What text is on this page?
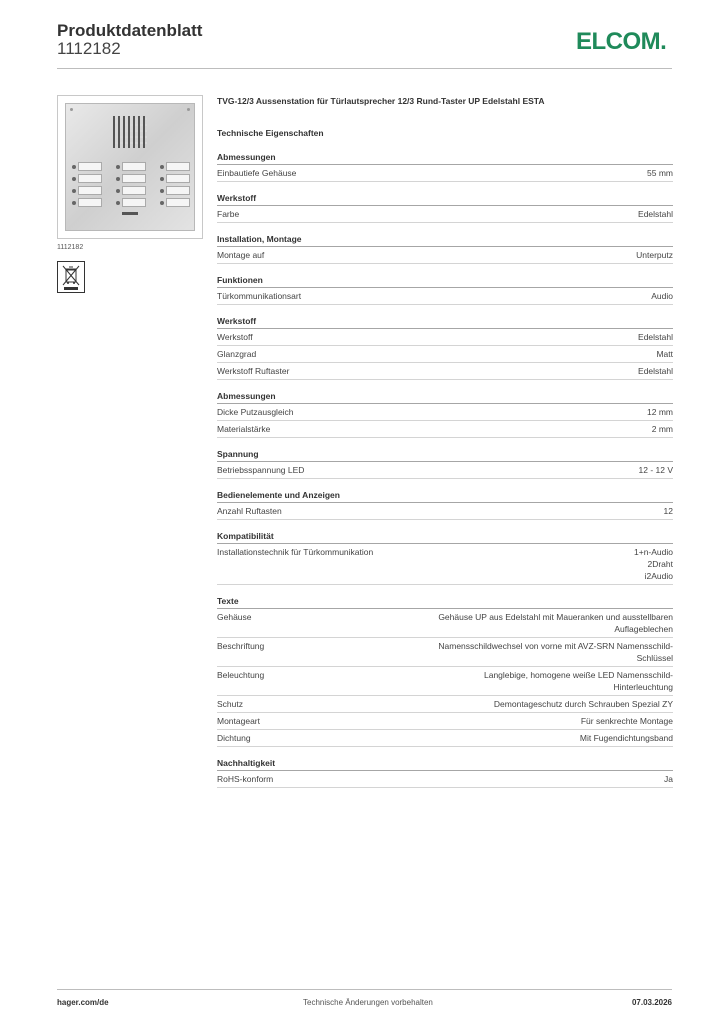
Produktdatenblatt
1112182	ELCOM.
1112182
TVG-12/3 Aussenstation für Türlautsprecher 12/3 Rund-Taster UP Edelstahl ESTA
Technische Eigenschaften
Abmessungen
Einbautiefe Gehäuse	55 mm
Werkstoff
Farbe	Edelstahl
Installation, Montage
Montage auf	Unterputz
Funktionen
Türkommunikationsart	Audio
Werkstoff
Werkstoff	Edelstahl
Glanzgrad	Matt
Werkstoff Ruftaster	Edelstahl
Abmessungen
Dicke Putzausgleich	12 mm
Materialstärke	2 mm
Spannung
Betriebsspannung LED	12 - 12 V
Bedienelemente und Anzeigen
Anzahl Ruftasten	12
Kompatibilität
Installationstechnik für Türkommunikation	1+n-Audio
2Draht
i2Audio
Texte
Gehäuse	Gehäuse UP aus Edelstahl mit Maueranken und ausstellbaren
Auflageblechen
Beschriftung	Namensschildwechsel von vorne mit AVZ-SRN Namensschild-
Schlüssel
Beleuchtung	Langlebige, homogene weiße LED Namensschild-
Hinterleuchtung
Schutz	Demontageschutz durch Schrauben Spezial ZY
Montageart	Für senkrechte Montage
Dichtung	Mit Fugendichtungsband
Nachhaltigkeit
RoHS-konform	Ja
hager.com/de	Technische Änderungen vorbehalten	07.03.2026
